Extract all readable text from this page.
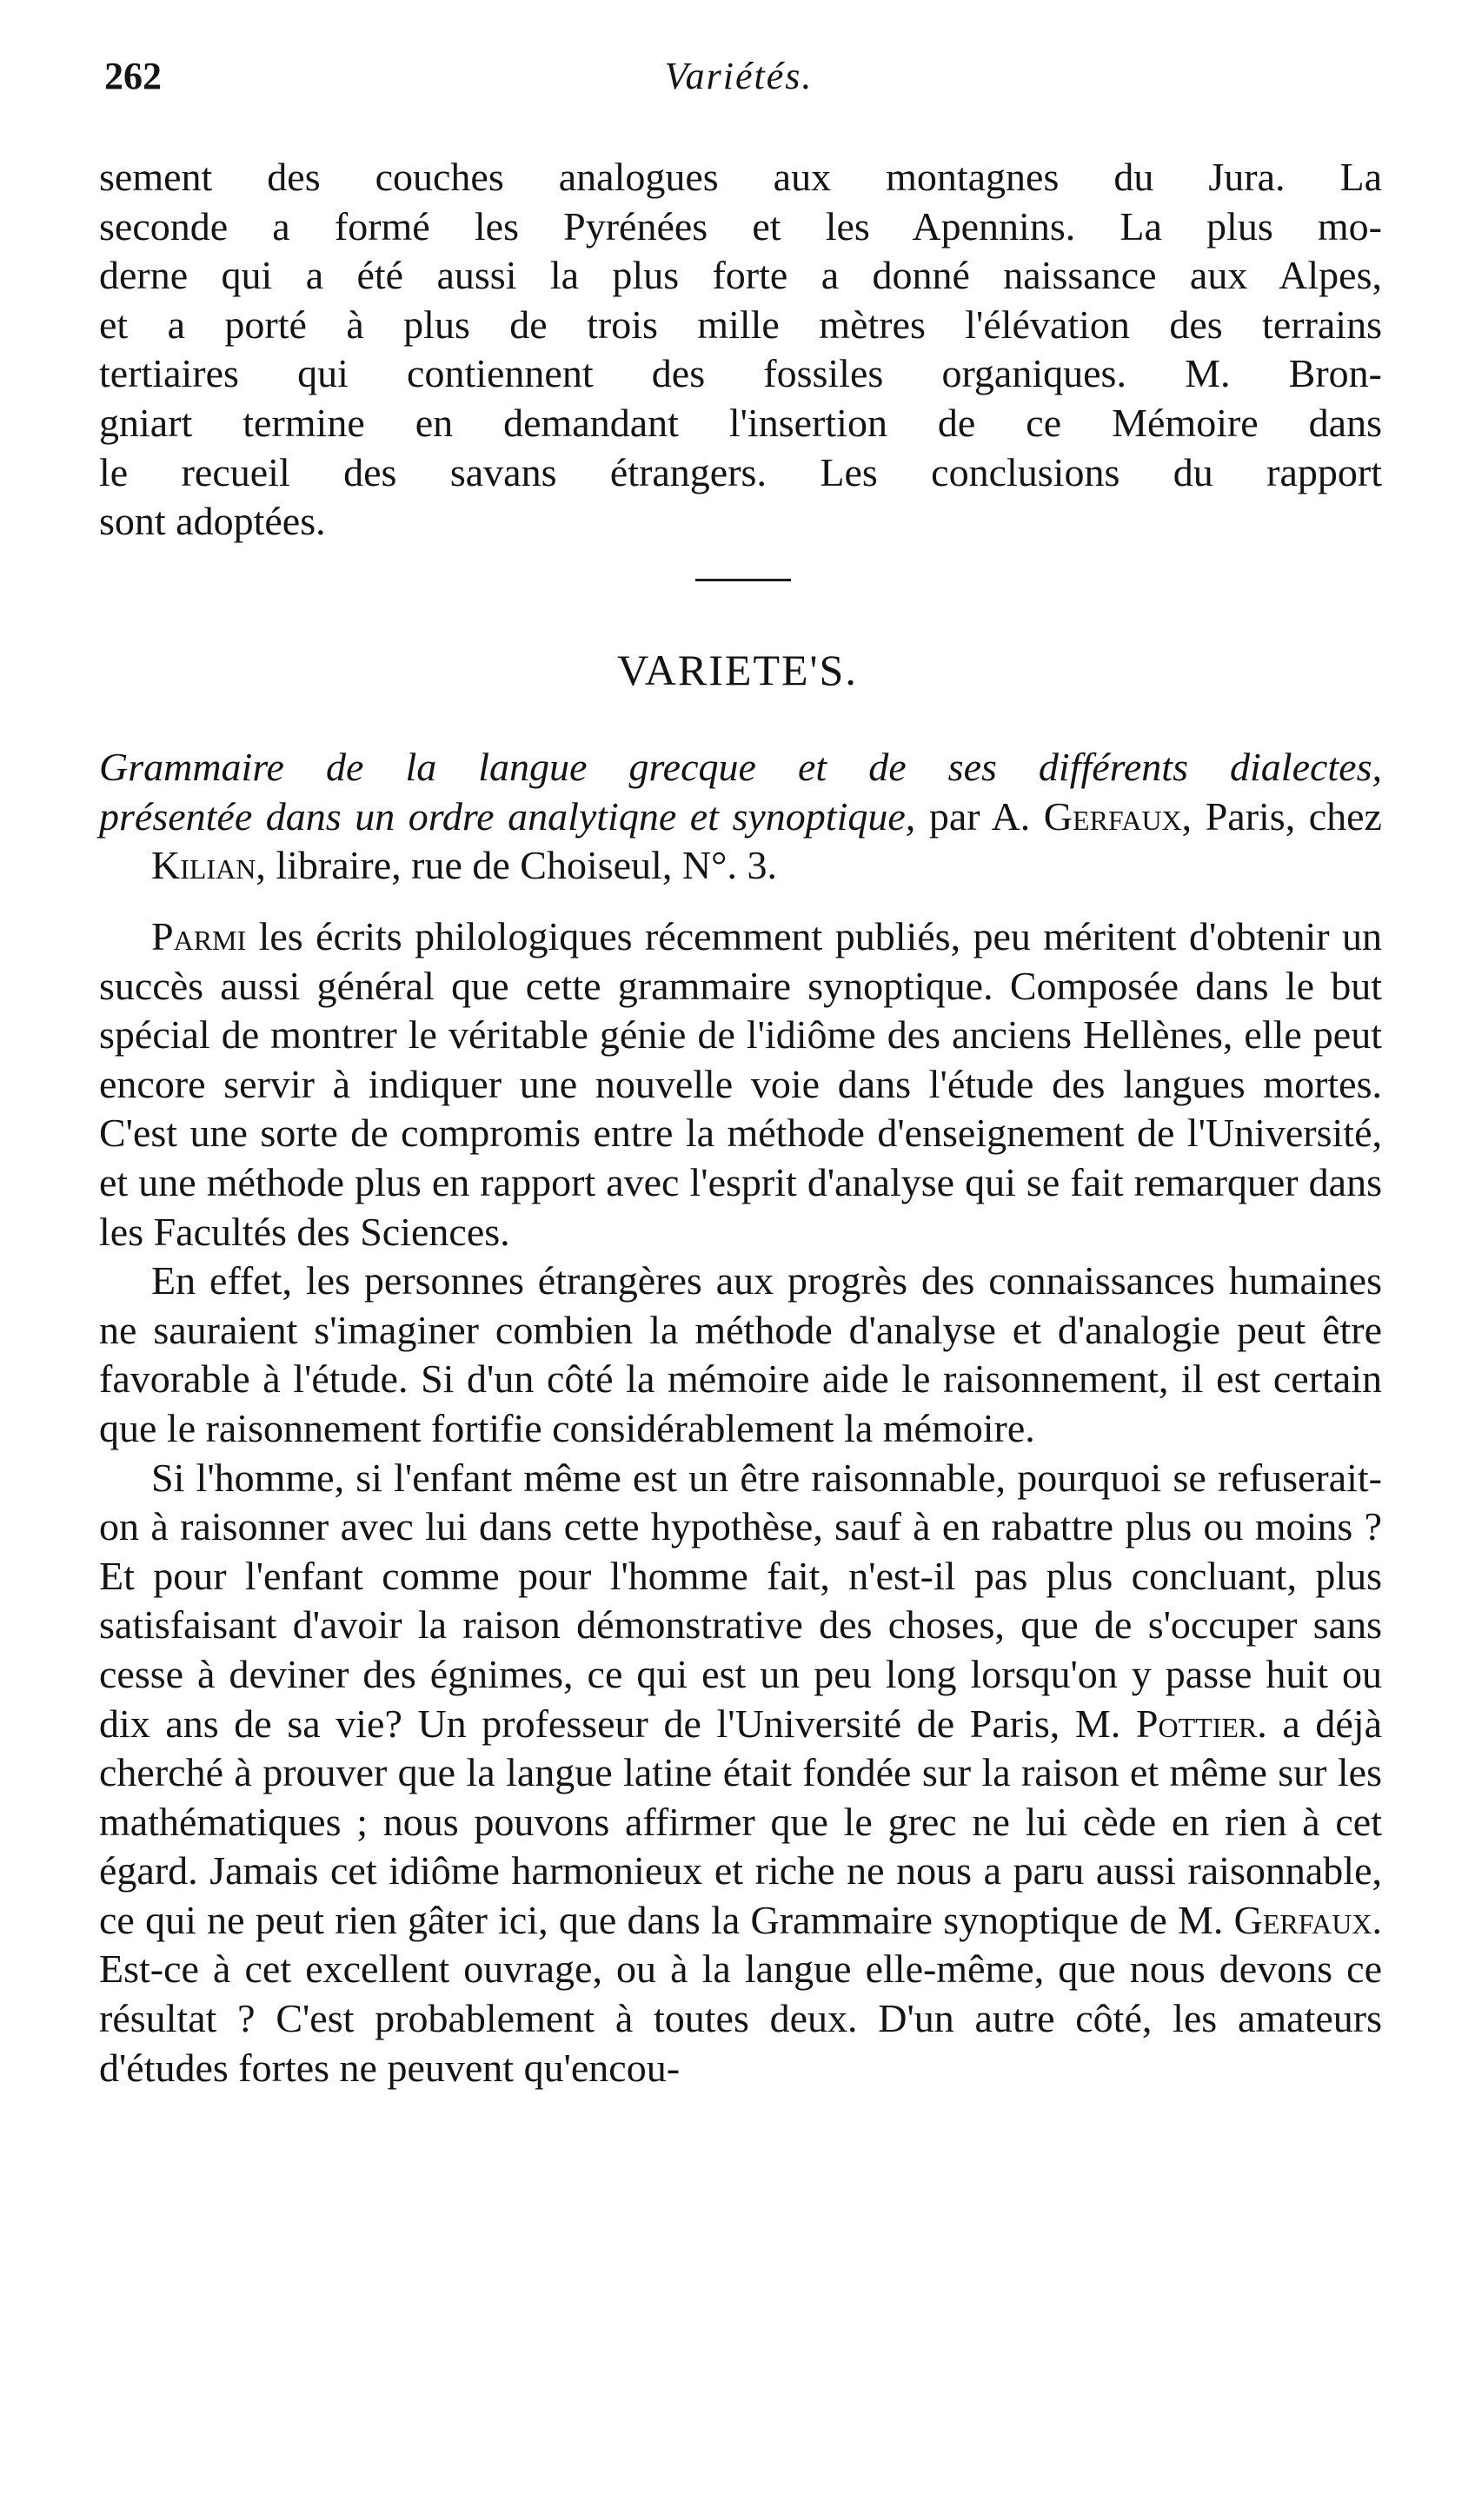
262	Variétés.
sement des couches analogues aux montagnes du Jura. La
seconde a formé les Pyrénées et les Apennins. La plus mo-
derne qui a été aussi la plus forte a donné naissance aux Alpes,
et a porté à plus de trois mille mètres l'élévation des terrains
tertiaires qui contiennent des fossiles organiques. M. Bron-
gniart termine en demandant l'insertion de ce Mémoire dans
le recueil des savans étrangers. Les conclusions du rapport
sont adoptées.
VARIETE'S.
Grammaire de la langue grecque et de ses différents dialectes,
présentée dans un ordre analytiqne et synoptique, par A. Gerfaux, Paris, chez Kilian, libraire, rue de Choiseul, N°. 3.

Parmi les écrits philologiques récemment publiés, peu méritent d'obtenir un succès aussi général que cette grammaire synoptique. Composée dans le but spécial de montrer le véritable génie de l'idiôme des anciens Hellènes, elle peut encore servir à indiquer une nouvelle voie dans l'étude des langues mortes. C'est une sorte de compromis entre la méthode d'enseignement de l'Université, et une méthode plus en rapport avec l'esprit d'analyse qui se fait remarquer dans les Facultés des Sciences.

En effet, les personnes étrangères aux progrès des connaissances humaines ne sauraient s'imaginer combien la méthode d'analyse et d'analogie peut être favorable à l'étude. Si d'un côté la mémoire aide le raisonnement, il est certain que le raisonnement fortifie considérablement la mémoire.

Si l'homme, si l'enfant même est un être raisonnable, pourquoi se refuserait-on à raisonner avec lui dans cette hypothèse, sauf à en rabattre plus ou moins ? Et pour l'enfant comme pour l'homme fait, n'est-il pas plus concluant, plus satisfaisant d'avoir la raison démonstrative des choses, que de s'occuper sans cesse à deviner des égnimes, ce qui est un peu long lorsqu'on y passe huit ou dix ans de sa vie? Un professeur de l'Université de Paris, M. Pottier. a déjà cherché à prouver que la langue latine était fondée sur la raison et même sur les mathématiques ; nous pouvons affirmer que le grec ne lui cède en rien à cet égard. Jamais cet idiôme harmonieux et riche ne nous a paru aussi raisonnable, ce qui ne peut rien gâter ici, que dans la Grammaire synoptique de M. Gerfaux. Est-ce à cet excellent ouvrage, ou à la langue elle-même, que nous devons ce résultat ? C'est probablement à toutes deux. D'un autre côté, les amateurs d'études fortes ne peuvent qu'encou-
